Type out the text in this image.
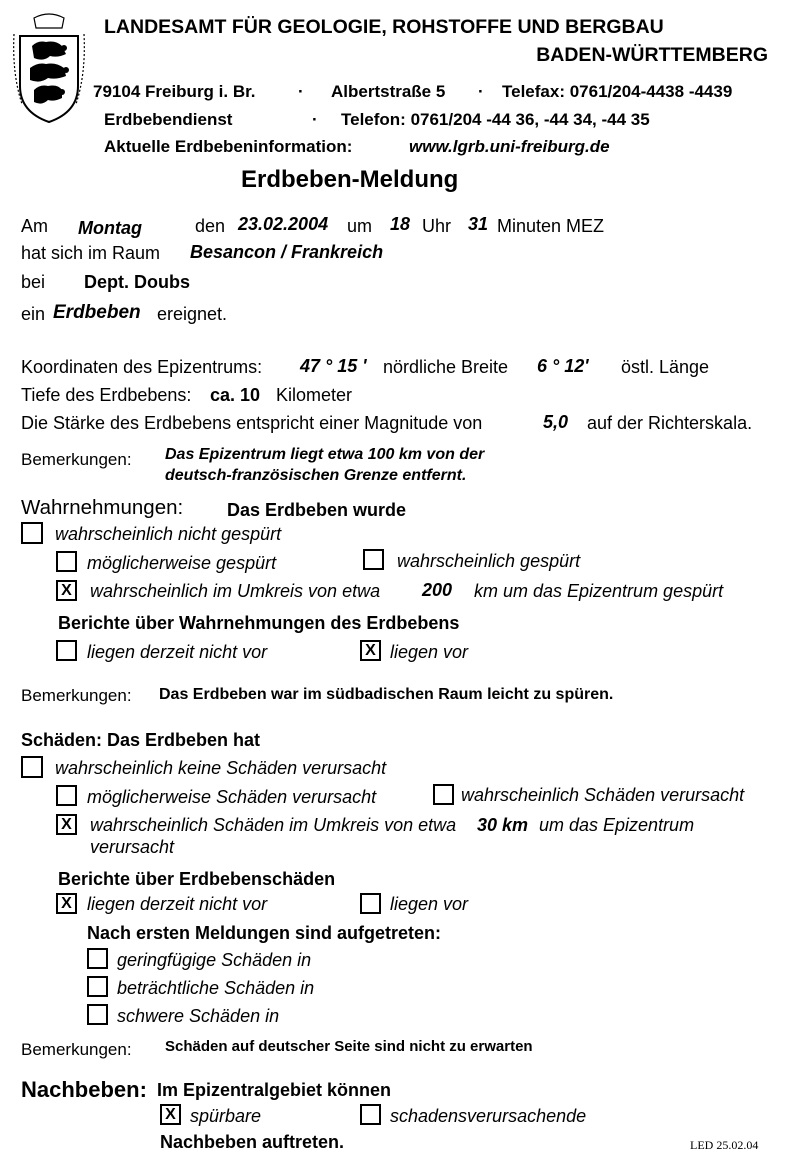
LANDESAMT FÜR GEOLOGIE, ROHSTOFFE UND BERGBAU
BADEN-WÜRTTEMBERG
79104 Freiburg i. Br. · Albertstraße 5 · Telefax: 0761/204-4438 -4439
Erdbebendienst	· Telefon: 0761/204 -44 36, -44 34, -44 35
Aktuelle Erdbebeninformation:	www.lgrb.uni-freiburg.de
Erdbeben-Meldung
Am Montag	den 23.02.2004 um 18 Uhr 31 Minuten MEZ
hat sich im Raum Besancon / Frankreich
bei Dept. Doubs
ein Erdbeben ereignet.
Koordinaten des Epizentrums: 47 ° 15 ' nördliche Breite 6 ° 12' östl. Länge
Tiefe des Erdbebens: ca. 10 Kilometer
Die Stärke des Erdbebens entspricht einer Magnitude von	5,0 auf der Richterskala.
Bemerkungen: Das Epizentrum liegt etwa 100 km von der
deutsch-französischen Grenze entfernt.
Wahrnehmungen: Das Erdbeben wurde
wahrscheinlich nicht gespürt
möglicherweise gespürt	wahrscheinlich gespürt
X wahrscheinlich im Umkreis von etwa 200 km um das Epizentrum gespürt
Berichte über Wahrnehmungen des Erdbebens
liegen derzeit nicht vor	X liegen vor
Bemerkungen: Das Erdbeben war im südbadischen Raum leicht zu spüren.
Schäden: Das Erdbeben hat
wahrscheinlich keine Schäden verursacht
möglicherweise Schäden verursacht	wahrscheinlich Schäden verursacht
X wahrscheinlich Schäden im Umkreis von etwa 30 km um das Epizentrum
verursacht
Berichte über Erdbebenschäden
X liegen derzeit nicht vor	liegen vor
Nach ersten Meldungen sind aufgetreten:
geringfügige Schäden in
beträchtliche Schäden in
schwere Schäden in
Bemerkungen: Schäden auf deutscher Seite sind nicht zu erwarten
Nachbeben: Im Epizentralgebiet können
X spürbare	schadensverursachende
Nachbeben auftreten.	LED 25.02.04
